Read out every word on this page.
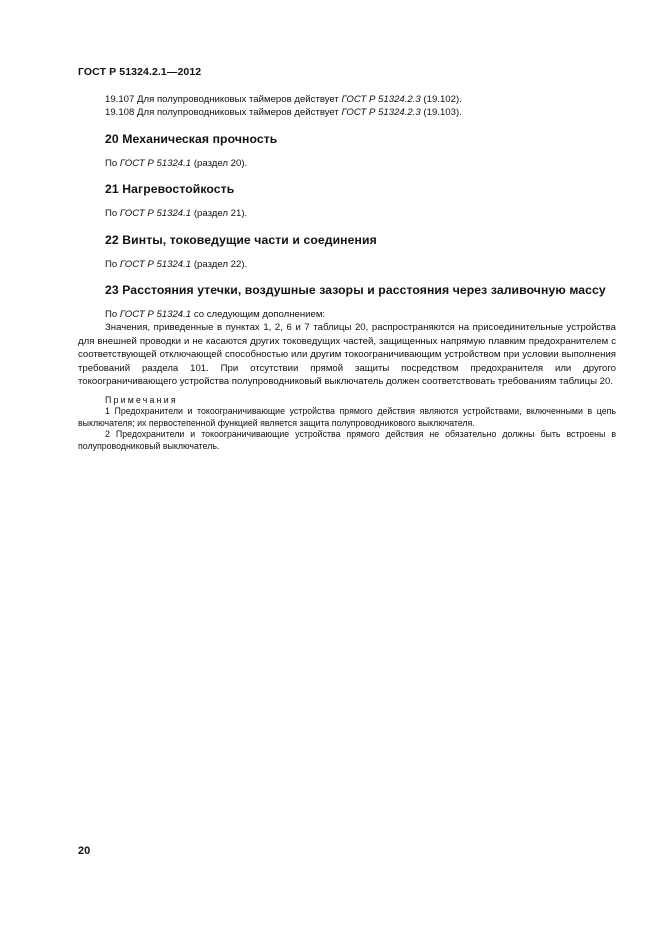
ГОСТ Р 51324.2.1—2012

19.107 Для полупроводниковых таймеров действует ГОСТ Р 51324.2.3 (19.102).

19.108 Для полупроводниковых таймеров действует ГОСТ Р 51324.2.3 (19.103).

20 Механическая прочность

По ГОСТ Р 51324.1 (раздел 20).

21 Нагревостойкость

По ГОСТ Р 51324.1 (раздел 21).

22 Винты, токоведущие части и соединения

По ГОСТ Р 51324.1 (раздел 22).

23 Расстояния утечки, воздушные зазоры и расстояния через заливочную массу

По ГОСТ Р 51324.1 со следующим дополнением:

Значения, приведенные в пунктах 1, 2, 6 и 7 таблицы 20, распространяются на присоединительные устройства для внешней проводки и не касаются других токоведущих частей, защищенных напрямую плавким предохранителем с соответствующей отключающей способностью или другим токоограничивающим устройством при условии выполнения требований раздела 101. При отсутствии прямой защиты посредством предохранителя или другого токоограничивающего устройства полупроводниковый выключатель должен соответствовать требованиям таблицы 20.

Примечания

1 Предохранители и токоограничивающие устройства прямого действия являются устройствами, включенными в цепь выключателя; их первостепенной функцией является защита полупроводникового выключателя.

2 Предохранители и токоограничивающие устройства прямого действия не обязательно должны быть встроены в полупроводниковый выключатель.

20
